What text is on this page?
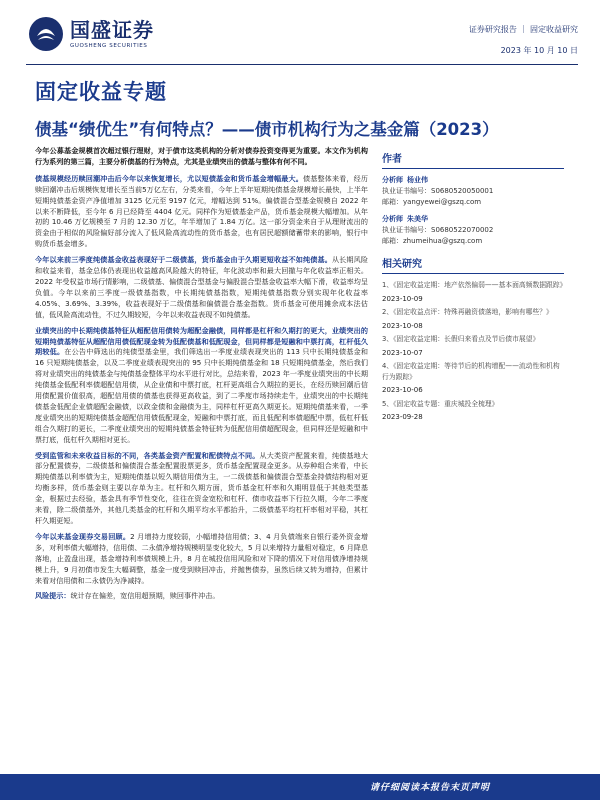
国盛证券
GUOSHENG SECURITIES
证券研究报告 ｜ 固定收益研究
2023 年 10 月 10 日
固定收益专题
债基“绩优生”有何特点？——债市机构行为之基金篇（2023）

今年公募基金规模首次超过银行理财，对于债市这类机构的分析对债券投资变得更为重要。本文作为机构行为系列的第三篇，主要分析债基的行为特点，尤其是业绩突出的债基与整体有何不同。

债基规模经历赎回潮冲击后今年以来恢复增长，尤以短债基金和货币基金增幅最大。债基整体来看，经历赎回潮冲击后规模恢复增长至当前5万亿左右，分类来看，今年上半年短期纯债基金规模增长最快，上半年短期纯债基金资产净值增加 3125 亿元至 9197 亿元，增幅达到 51%。偏债混合型基金规模自 2022 年以来不断降低，至今年 6 月已经降至 4404 亿元。同样作为短债基金产品，货币基金规模大幅增加。从年初的 10.46 万亿规模至 7 月的 12.30 万亿，年半增加了 1.84 万亿。这一部分资金来自于从理财流出的资金由于相似的风险偏好部分流入了低风险高流动性的货币基金，也有居民超额储蓄带来的影响，银行中购货币基金增多。

今年以来前三季度纯债基金收益表现好于二级债基，货币基金由于久期更短收益不如纯债基。从长期风险和收益来看，基金总体仍表现出收益越高风险越大的特征，年化波动率和最大回撤与年化收益率正相关。2022 年受权益市场行情影响，二级债基、偏债混合型基金与偏股混合型基金收益率大幅下滑，收益率均呈负值。今年以来前三季度一级债基指数，中长期纯债基指数，短期纯债基指数分别实现年化收益率 4.05%、3.69%、3.39%，收益表现好于二级债基和偏债混合基金指数。货币基金可使用摊余成本法估值，低风险高流动性，不过久期较短，今年以来收益表现不如纯债基。

业绩突出的中长期纯债基特征从超配信用债转为超配金融债，同样都是杠杆和久期打的更大，业绩突出的短期纯债基特征从超配信用债低配现金转为低配债基和低配现金，但同样都是短融和中票打高，杠杆低久期较低。在公告中筛选出的纯债型基金里，我们筛选出一季度业绩表现突出的 113 只中长期纯债基金和 16 只短期纯债基金，以及二季度业绩表现突出的 95 只中长期纯债基金和 18 只短期纯债基金，然后我们将对业绩突出的纯债基金与纯债基金整体平均水平进行对比，总结来看，2023 年一季度业绩突出的中长期纯债基金低配利率债超配信用债，从企业债和中票打底，杠杆更高组合久期拉的更长，在经历赎回潮后信用债配置价值很高，超配信用债的债基也获得更高收益，到了二季度市场持续走牛，业绩突出的中长期纯债基金低配企业债超配金融债，以政金债和金融债为主，同样杠杆更高久期更长。短期纯债基来看，一季度业绩突出的短期纯债基金超配信用债低配现金，短融和中票打底，而且低配利率债超配中票，低杠杆低组合久期打的更长，二季度业绩突出的短期纯债基金特征转为低配信用债超配现金，但同样还是短融和中票打底，低杠杆久期相对更长。

受到监管和未来收益目标的不同，各类基金资产配置和配债特点不同。从大类资产配置来看，纯债基地大部分配置债券，二级债基和偏债混合基金配置股票更多，货币基金配置现金更多。从券种组合来看，中长期纯债基以利率债为主，短期纯债基以短久期信用债为主，一二级债基和偏债混合型基金持债结构相对更均衡多样，货币基金则主要以存单为主。杠杆和久期方面，货币基金杠杆率和久期明显低于其他类型基金，根据过去经验，基金具有季节性变化，往往在资金宽松和杠杆、债市收益率下行拉久期，今年二季度来看，除二级债基外，其他几类基金的杠杆和久期平均水平都抬升，二级债基平均杠杆率相对平稳，其杠杆久期更短。

今年以来基金现券交易回顾。2 月增持力度较弱，小幅增持信用债；3、4 月负债端来自银行委外资金增多，对利率债大幅增持，信用债、二永债净增持规模明显变化较大，5 月以来增持力量相对稳定，6 月降息落地，止盈盘出现，基金增持利率债规模上升，8 月在城投信用风险和对下降的情况下对信用债净增持规模上升，9 月初债市发生大幅调整，基金一度受到赎回冲击，并抛售债券，虽然后续又转为增持，但累计来看对信用债和二永债仍为净减持。

风险提示：统计存在偏差，宽信用超预期，赎回事件冲击。

作者
分析师 杨业伟
执业证书编号：S0680520050001
邮箱：yangyewei@gszq.com
分析师 朱美华
执业证书编号：S0680522070002
邮箱：zhumeihua@gszq.com
相关研究
1、《固定收益定期：地产依然偏弱——基本面高频数据跟踪》
2023-10-09
2、《固定收益点评：特殊再融资债落地，影响有哪些？》
2023-10-08
3、《固定收益定期：长假归来看点及节后债市展望》
2023-10-07
4、《固定收益定期：等待节后的机构增配——流动性和机构行为跟踪》
2023-10-06
5、《固定收益专题：重庆城投全梳理》
2023-09-28
请仔细阅读本报告末页声明
